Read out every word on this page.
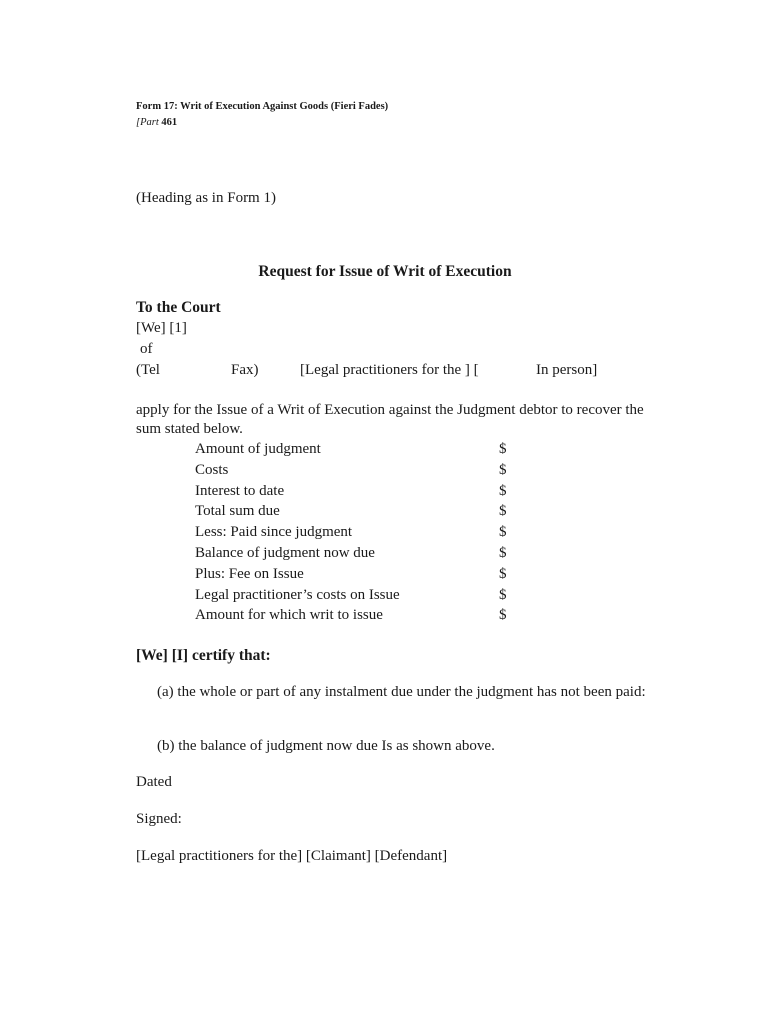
Form 17: Writ of Execution Against Goods (Fieri Fades)
[Part 461
(Heading as in Form 1)
Request for Issue of Writ of Execution
To the Court
[We] [1]
of
(Tel	Fax)	[Legal practitioners for the ] [	In person]
apply for the Issue of a Writ of Execution against the Judgment debtor to recover the sum stated below.
Amount of judgment	$
Costs	$
Interest to date	$
Total sum due	$
Less: Paid since judgment	$
Balance of judgment now due	$
Plus: Fee on Issue	$
Legal practitioner’s costs on Issue	$
Amount for which writ to issue	$
[We] [I] certify that:
(a) the whole or part of any instalment due under the judgment has not been paid:
(b) the balance of judgment now due Is as shown above.
Dated
Signed:
[Legal practitioners for the] [Claimant] [Defendant]
